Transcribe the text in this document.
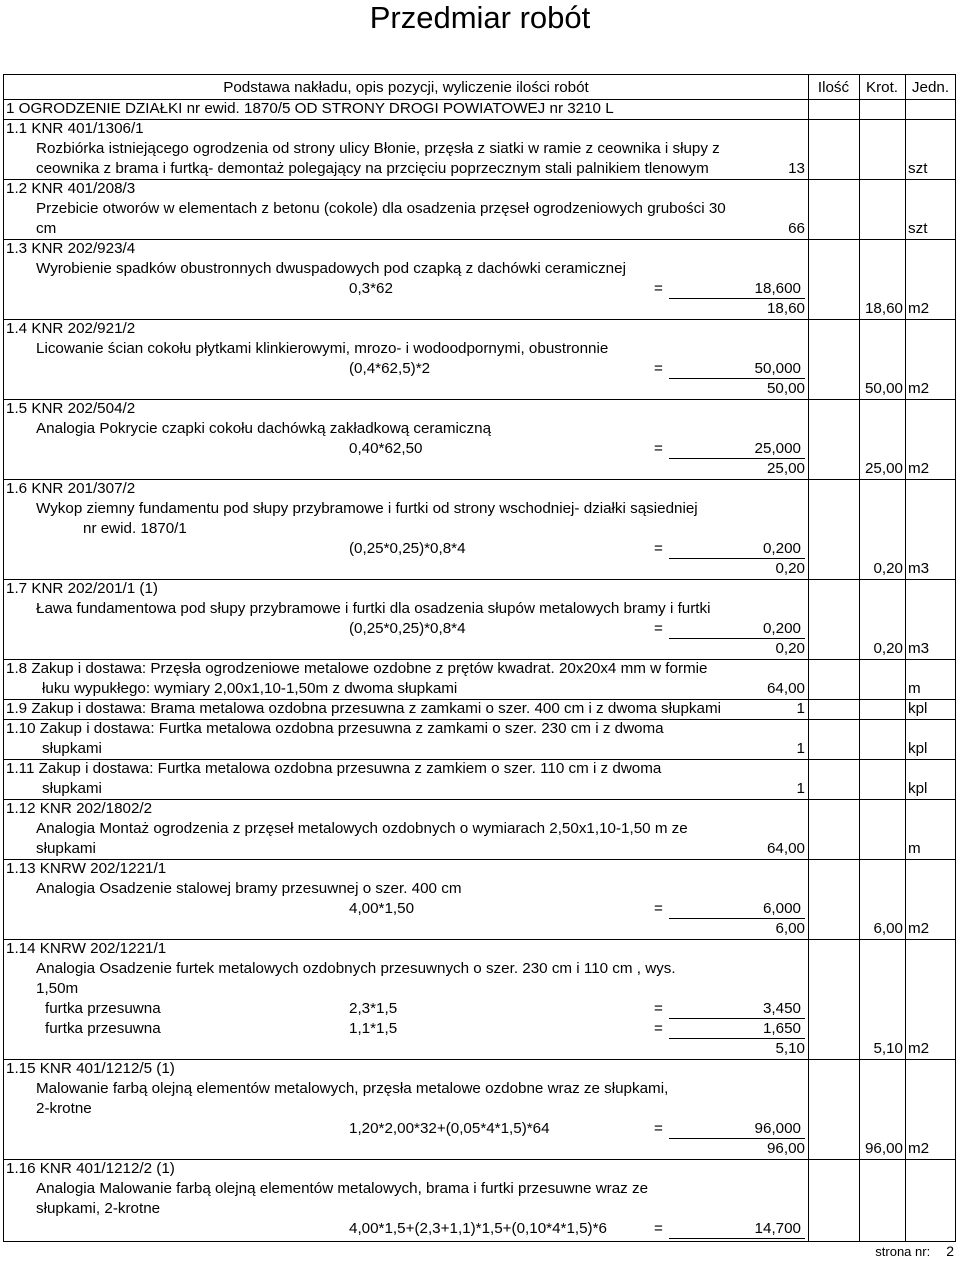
Przedmiar robót
Podstawa nakładu, opis pozycji, wyliczenie ilości robót	Ilość	Krot. Jedn.
1 OGRODZENIE DZIAŁKI nr ewid. 1870/5 OD STRONY DROGI POWIATOWEJ nr 3210 L
1.1 KNR 401/1306/1
Rozbiórka istniejącego ogrodzenia od strony ulicy Błonie, przęsła z siatki w ramie z ceownika i słupy z
ceownika z brama i furtką- demontaż polegający na przcięciu poprzecznym stali palnikiem tlenowym	13	szt
1.2 KNR 401/208/3
Przebicie otworów w elementach z betonu (cokole) dla osadzenia przęseł ogrodzeniowych grubości 30
cm	66	szt
1.3 KNR 202/923/4
Wyrobienie spadków obustronnych dwuspadowych pod czapką z dachówki ceramicznej
0,3*62	=	18,600
18,60	18,60 m2
1.4 KNR 202/921/2
Licowanie ścian cokołu płytkami klinkierowymi, mrozo- i wodoodpornymi, obustronnie
(0,4*62,5)*2	=	50,000
50,00	50,00 m2
1.5 KNR 202/504/2
Analogia Pokrycie czapki cokołu dachówką zakładkową ceramiczną
0,40*62,50	=	25,000
25,00	25,00 m2
1.6 KNR 201/307/2
Wykop ziemny fundamentu pod słupy przybramowe i furtki od strony wschodniej- działki sąsiedniej
nr ewid. 1870/1
(0,25*0,25)*0,8*4	=	0,200
0,20	0,20 m3
1.7 KNR 202/201/1 (1)
Ława fundamentowa pod słupy przybramowe i furtki dla osadzenia słupów metalowych bramy i furtki
(0,25*0,25)*0,8*4	=	0,200
0,20	0,20 m3
1.8 Zakup i dostawa: Przęsła ogrodzeniowe metalowe ozdobne z prętów kwadrat. 20x20x4 mm w formie
łuku wypukłego: wymiary 2,00x1,10-1,50m z dwoma słupkami	64,00	m
1.9 Zakup i dostawa: Brama metalowa ozdobna przesuwna z zamkami o szer. 400 cm i z dwoma słupkami	1	kpl
1.10 Zakup i dostawa: Furtka metalowa ozdobna przesuwna z zamkami o szer. 230 cm i z dwoma
słupkami	1	kpl
1.11 Zakup i dostawa: Furtka metalowa ozdobna przesuwna z zamkiem o szer. 110 cm i z dwoma
słupkami	1	kpl
1.12 KNR 202/1802/2
Analogia Montaż ogrodzenia z przęseł metalowych ozdobnych o wymiarach 2,50x1,10-1,50 m ze
słupkami	64,00	m
1.13 KNRW 202/1221/1
Analogia Osadzenie stalowej bramy przesuwnej o szer. 400 cm
4,00*1,50	=	6,000
6,00	6,00 m2
1.14 KNRW 202/1221/1
Analogia Osadzenie furtek metalowych ozdobnych przesuwnych o szer. 230 cm i 110 cm , wys.
1,50m
furtka przesuwna	2,3*1,5	=	3,450
furtka przesuwna	1,1*1,5	=	1,650
5,10	5,10 m2
1.15 KNR 401/1212/5 (1)
Malowanie farbą olejną elementów metalowych, przęsła metalowe ozdobne wraz ze słupkami,
2-krotne
1,20*2,00*32+(0,05*4*1,5)*64	=	96,000
96,00	96,00 m2
1.16 KNR 401/1212/2 (1)
Analogia Malowanie farbą olejną elementów metalowych, brama i furtki przesuwne wraz ze
słupkami, 2-krotne
4,00*1,5+(2,3+1,1)*1,5+(0,10*4*1,5)*6	=	14,700
strona nr: 2
